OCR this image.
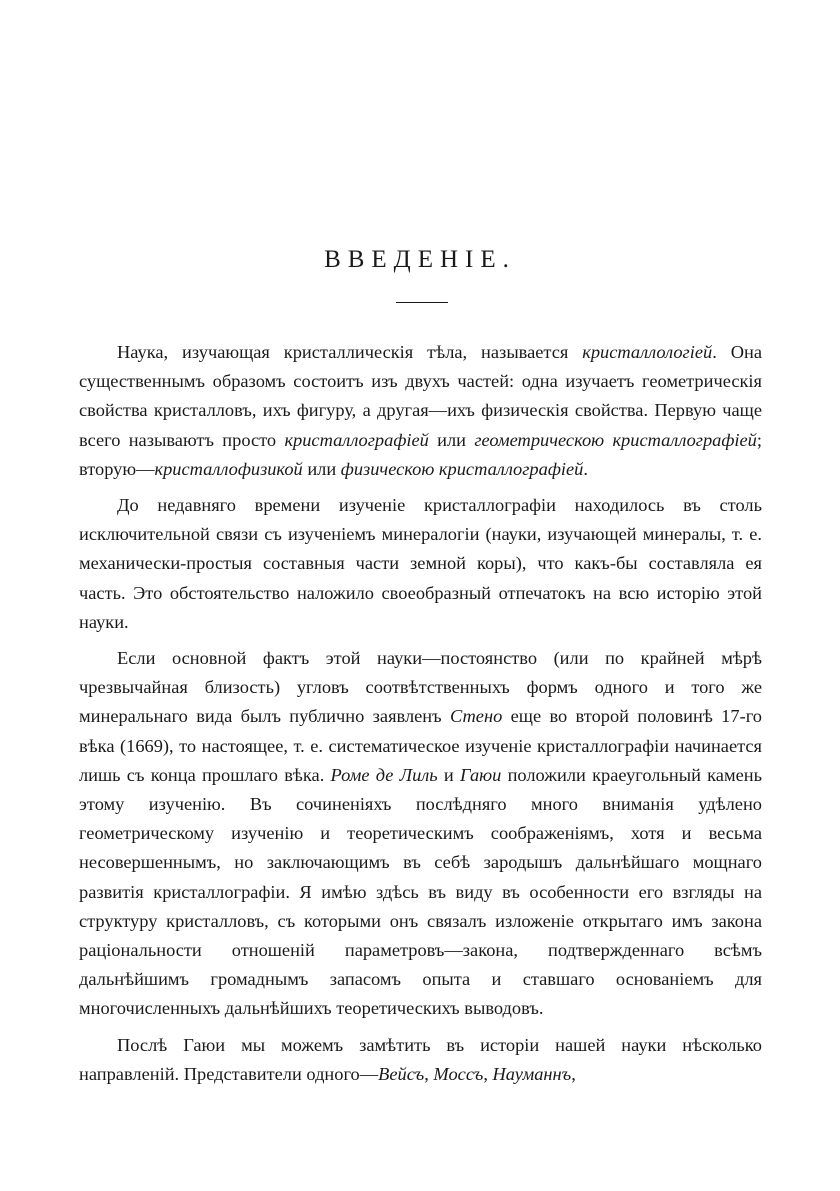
ВВЕДЕНІЕ.

Наука, изучающая кристаллическія тѣла, называется кристаллологіей. Она существеннымъ образомъ состоитъ изъ двухъ частей: одна изучаетъ геометрическія свойства кристалловъ, ихъ фигуру, а другая—ихъ физическія свойства. Первую чаще всего называютъ просто кристаллографіей или геометрическою кристаллографіей; вторую—кристаллофизикой или физическою кристаллографіей.

До недавняго времени изученіе кристаллографіи находилось въ столь исключительной связи съ изученіемъ минералогіи (науки, изучающей минералы, т. е. механически-простыя составныя части земной коры), что какъ-бы составляла ея часть. Это обстоятельство наложило своеобразный отпечатокъ на всю исторію этой науки.

Если основной фактъ этой науки—постоянство (или по крайней мѣрѣ чрезвычайная близость) угловъ соотвѣтственныхъ формъ одного и того же минеральнаго вида былъ публично заявленъ Стено еще во второй половинѣ 17-го вѣка (1669), то настоящее, т. е. систематическое изученіе кристаллографіи начинается лишь съ конца прошлаго вѣка. Роме де Лиль и Гаюи положили краеугольный камень этому изученію. Въ сочиненіяхъ послѣдняго много вниманія удѣлено геометрическому изученію и теоретическимъ соображеніямъ, хотя и весьма несовершеннымъ, но заключающимъ въ себѣ зародышъ дальнѣйшаго мощнаго развитія кристаллографіи. Я имѣю здѣсь въ виду въ особенности его взгляды на структуру кристалловъ, съ которыми онъ связалъ изложеніе открытаго имъ закона раціональности отношеній параметровъ—закона, подтвержденнаго всѣмъ дальнѣйшимъ громаднымъ запасомъ опыта и ставшаго основаніемъ для многочисленныхъ дальнѣйшихъ теоретическихъ выводовъ.

Послѣ Гаюи мы можемъ замѣтить въ исторіи нашей науки нѣсколько направленій. Представители одного—Вейсъ, Моссъ, Науманнъ,
